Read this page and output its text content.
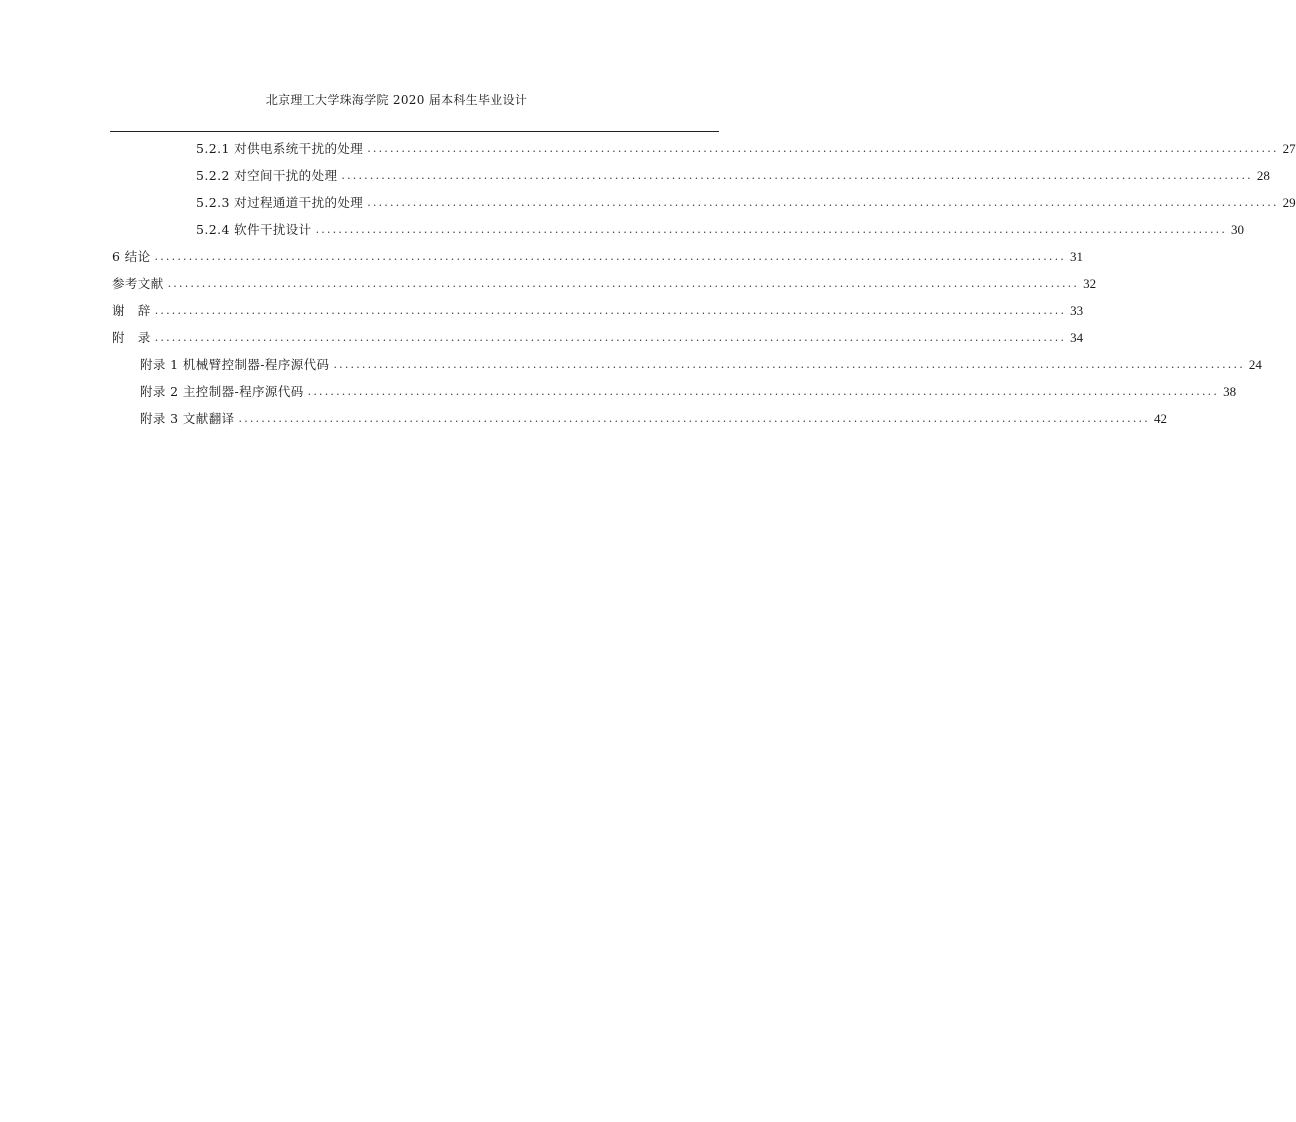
北京理工大学珠海学院 2020 届本科生毕业设计
5.2.1 对供电系统干扰的处理 ................................................................................................................................................................ 27
5.2.2 对空间干扰的处理 ................................................................................................................................................................ 28
5.2.3 对过程通道干扰的处理 ................................................................................................................................................................ 29
5.2.4 软件干扰设计 ................................................................................................................................................................ 30
6 结论 ................................................................................................................................................................ 31
参考文献 ................................................................................................................................................................ 32
谢　辞 ................................................................................................................................................................ 33
附　录 ................................................................................................................................................................ 34
附录 1 机械臂控制器-程序源代码 ................................................................................................................................................................ 24
附录 2 主控制器-程序源代码 ................................................................................................................................................................ 38
附录 3 文献翻译 ................................................................................................................................................................ 42
